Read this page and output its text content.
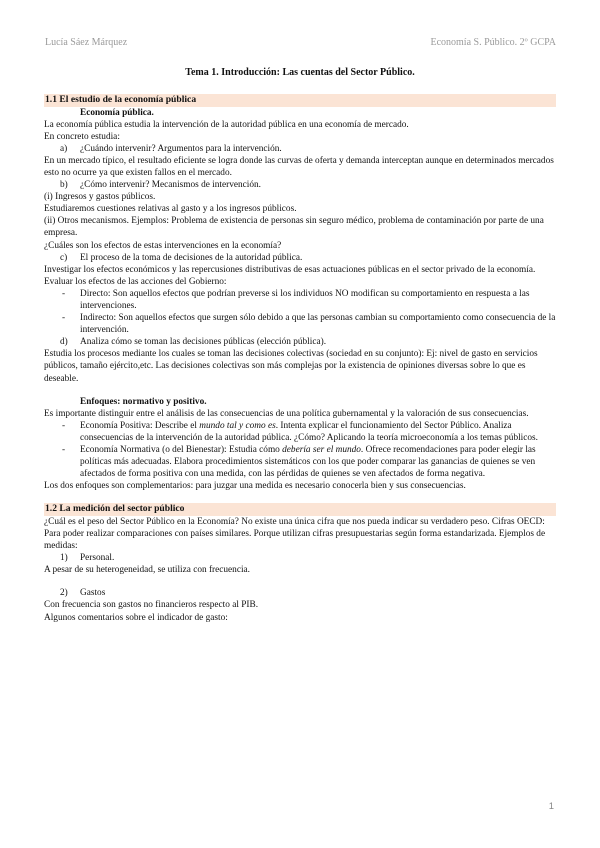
Lucía Sáez Márquez	Economía S. Público. 2º GCPA
Tema 1. Introducción: Las cuentas del Sector Público.

1.1 El estudio de la economía pública

Economía pública.

La economía pública estudia la intervención de la autoridad pública en una economía de mercado.

En concreto estudia:

a) ¿Cuándo intervenir? Argumentos para la intervención.

En un mercado típico, el resultado eficiente se logra donde las curvas de oferta y demanda interceptan aunque en determinados mercados esto no ocurre ya que existen fallos en el mercado.

b) ¿Cómo intervenir? Mecanismos de intervención.

(i) Ingresos y gastos públicos.

Estudiaremos cuestiones relativas al gasto y a los ingresos públicos.

(ii) Otros mecanismos. Ejemplos: Problema de existencia de personas sin seguro médico, problema de contaminación por parte de una empresa.

¿Cuáles son los efectos de estas intervenciones en la economía?

c) El proceso de la toma de decisiones de la autoridad pública.

Investigar los efectos económicos y las repercusiones distributivas de esas actuaciones públicas en el sector privado de la economía.

Evaluar los efectos de las acciones del Gobierno:

- Directo: Son aquellos efectos que podrían preverse si los individuos NO modifican su comportamiento en respuesta a las intervenciones.

- Indirecto: Son aquellos efectos que surgen sólo debido a que las personas cambian su comportamiento como consecuencia de la intervención.

d) Analiza cómo se toman las decisiones públicas (elección pública).

Estudia los procesos mediante los cuales se toman las decisiones colectivas (sociedad en su conjunto): Ej: nivel de gasto en servicios públicos, tamaño ejército,etc. Las decisiones colectivas son más complejas por la existencia de opiniones diversas sobre lo que es deseable.

Enfoques: normativo y positivo.

Es importante distinguir entre el análisis de las consecuencias de una política gubernamental y la valoración de sus consecuencias.

- Economía Positiva: Describe el mundo tal y como es. Intenta explicar el funcionamiento del Sector Público. Analiza consecuencias de la intervención de la autoridad pública. ¿Cómo? Aplicando la teoría microeconomía a los temas públicos.

- Economía Normativa (o del Bienestar): Estudia cómo debería ser el mundo. Ofrece recomendaciones para poder elegir las políticas más adecuadas. Elabora procedimientos sistemáticos con los que poder comparar las ganancias de quienes se ven afectados de forma positiva con una medida, con las pérdidas de quienes se ven afectados de forma negativa.

Los dos enfoques son complementarios: para juzgar una medida es necesario conocerla bien y sus consecuencias.

1.2 La medición del sector público

¿Cuál es el peso del Sector Público en la Economía? No existe una única cifra que nos pueda indicar su verdadero peso. Cifras OECD: Para poder realizar comparaciones con países similares. Porque utilizan cifras presupuestarias según forma estandarizada. Ejemplos de medidas:

1) Personal.

A pesar de su heterogeneidad, se utiliza con frecuencia.

2) Gastos

Con frecuencia son gastos no financieros respecto al PIB.

Algunos comentarios sobre el indicador de gasto:

1
